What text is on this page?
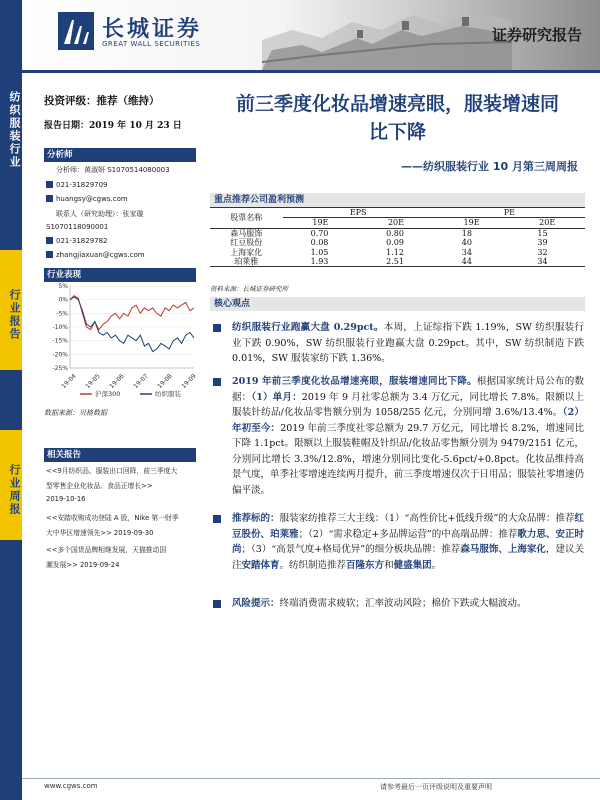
纺织服装行业
行业报告
行业周报
长城证券
GREAT WALL SECURITIES	证券研究报告
投资评级：推荐（维持）
报告日期：2019 年 10 月 23 日
分析师
分析师：黄淑妍 S1070514080003
021-31829709
huangsy@cgws.com
联系人（研究助理）：张家璇
S1070118090001
021-31829782
zhangjiaxuan@cgws.com
行业表现
5%
0%
-5%
-10%
-15%
-20%
-25%
19-04 19-05 19-06 19-07 19-08 19-09
沪深300	纺织服装
数据来源：贝格数据
相关报告
<<9月纺织品、服装出口回降，前三季度大
型零售企业化妆品、食品正增长>>
2019-10-16
<<安踏收购成功登陆 A 股，Nike 第一财季
大中华区增速领先>> 2019-09-30
<<多个国货品牌相继发展，天猫推动国
潮发展>> 2019-09-24
前三季度化妆品增速亮眼，服装增速同
比下降
——纺织服装行业 10 月第三周周报
重点推荐公司盈利预测
股票名称	EPS		PE	
	19E	20E	19E	20E
森马服饰	0.70	0.80	18	15
红豆股份	0.08	0.09	40	39
上海家化	1.05	1.12	34	32
珀莱雅	1.93	2.51	44	34
资料来源：长城证券研究所
核心观点
纺织服装行业跑赢大盘 0.29pct。本周，上证综指下跌 1.19%，SW 纺织服装行业下跌 0.90%，SW 纺织服装行业跑赢大盘 0.29pct。其中，SW 纺织制造下跌 0.01%，SW 服装家纺下跌 1.36%。
2019 年前三季度化妆品增速亮眼，服装增速同比下降。根据国家统计局公布的数据：（1）单月：2019 年 9 月社零总额为 3.4 万亿元，同比增长 7.8%。限额以上服装针纺品/化妆品零售额分别为 1058/255 亿元，分别同增 3.6%/13.4%。（2）年初至今：2019 年前三季度社零总额为 29.7 万亿元，同比增长 8.2%，增速同比下降 1.1pct。限额以上服装鞋帽及针织品/化妆品零售额分别为 9479/2151 亿元，分别同比增长 3.3%/12.8%，增速分别同比变化-5.6pct/+0.8pct。化妆品维持高景气度，单季社零增速连续两月提升，前三季度增速仅次于日用品；服装社零增速仍偏平淡。
推荐标的：服装家纺推荐三大主线：（1）“高性价比+低线升级”的大众品牌：推荐红豆股份、珀莱雅；（2）“需求稳定+多品牌运营”的中高端品牌：推荐歌力思、安正时尚；（3）“高景气度+格局优异”的细分板块品牌：推荐森马服饰、上海家化，建议关注安踏体育。纺织制造推荐百隆东方和健盛集团。
风险提示：终端消费需求疲软；汇率波动风险；棉价下跌或大幅波动。
www.cgws.com	请参考最后一页评级说明及重要声明
